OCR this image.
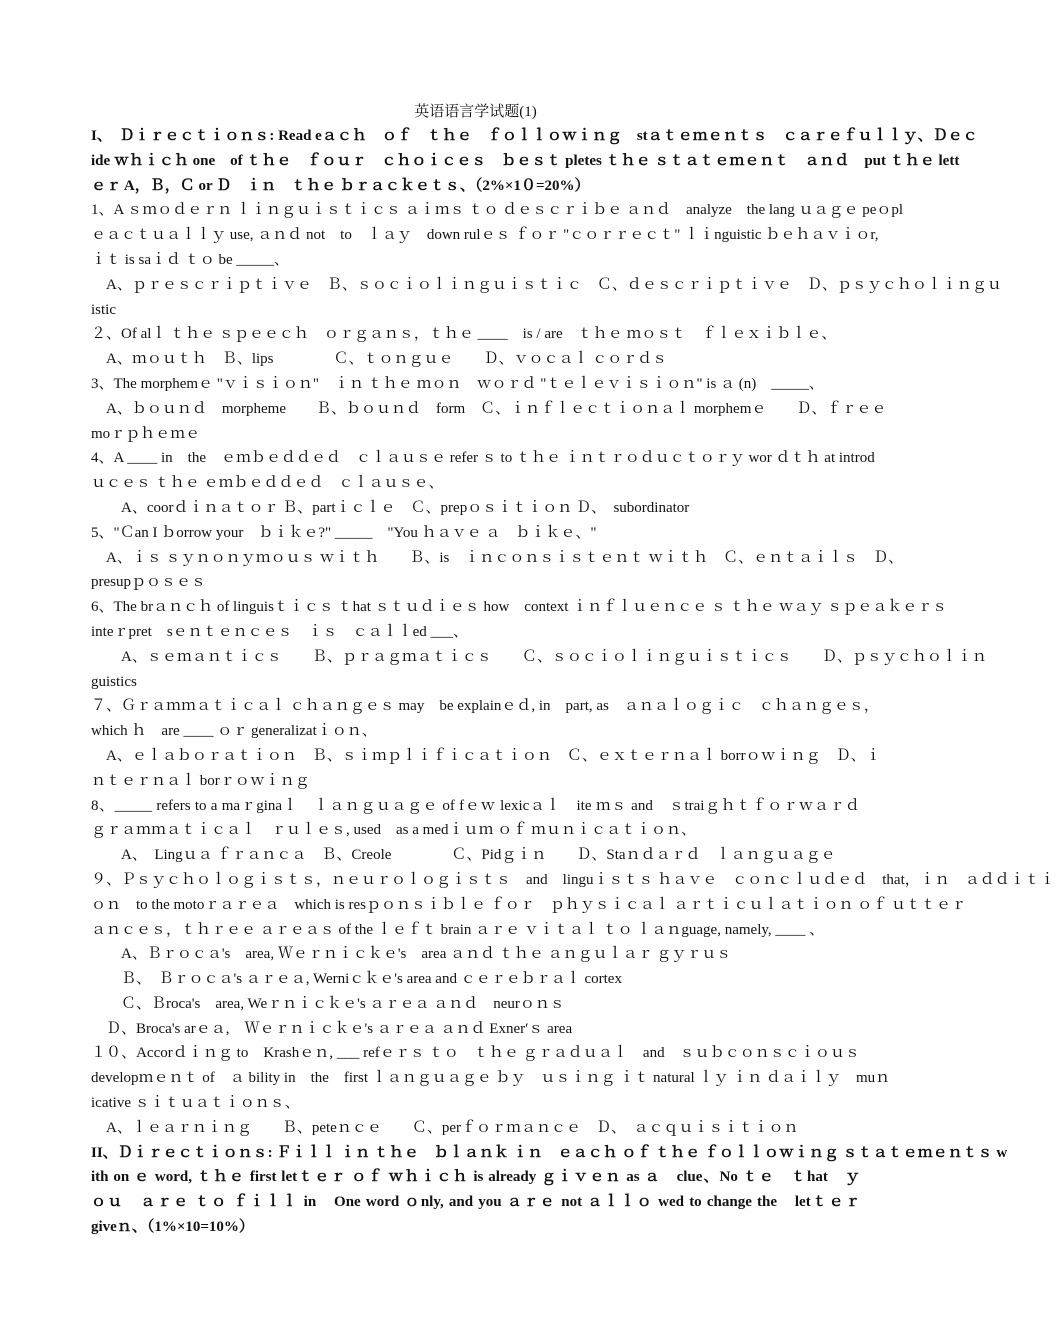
英语语言学试题(1)

I、　Ｄｉｒｅｃｔｉｏｎｓ: Read eａｃｈ　ｏｆ　ｔｈｅ　ｆｏｌｌｏｗｉｎｇ　stａｔｅｍｅｎｔｓ　ｃａｒｅｆｕｌｌｙ、Ｄｅｃ

ide ｗｈｉｃｈ one　of ｔｈｅ　ｆｏｕｒ　ｃｈｏｉｃｅｓ　ｂｅｓｔ pletes ｔｈｅ ｓｔａｔｅｍｅｎｔ　ａｎｄ　put ｔｈｅ lett

ｅｒ A，Ｂ，Ｃ or Ｄ　ｉｎ　ｔｈｅ ｂｒａｃｋｅｔｓ、（2%×1０=20%）

1、A ｓｍｏｄｅｒｎ ｌｉｎｇｕｉｓｔｉｃｓ ａｉｍｓ ｔｏ ｄｅｓｃｒｉｂｅ ａｎｄ　analyze　the lang ｕａｇｅ peｏpl

ｅａｃｔｕａｌｌｙ use, ａｎｄ not　to　ｌａｙ　down rulｅｓ ｆｏｒ "ｃｏｒｒｅｃｔ" ｌｉnguistic ｂｅｈａｖｉｏr,

ｉｔ is saｉｄ ｔｏ be _____、

　A、ｐｒｅｓｃｒｉｐｔｉｖｅ　Ｂ、ｓｏｃｉｏｌｉｎｇｕｉｓｔｉｃ　Ｃ、ｄｅｓｃｒｉｐｔｉｖｅ　Ｄ、ｐｓｙｃｈｏｌｉｎｇｕ

istic

２、Of alｌ ｔｈｅ ｓｐｅｅｃｈ　ｏｒｇａｎｓ，ｔｈｅ ____　is / are　ｔｈｅ ｍｏｓｔ　ｆｌｅｘｉｂｌｅ、

　A、ｍｏｕｔｈ　Ｂ、lips　　　　Ｃ、ｔｏｎｇｕｅ　　Ｄ、ｖｏｃａｌ ｃｏｒｄｓ

3、The morphemｅ "ｖｉｓｉｏｎ"　ｉｎ ｔｈｅ ｍｏｎ　ｗｏｒｄ "ｔｅｌｅｖｉｓｉｏｎ" is ａ (n)　_____、

　A、ｂｏｕｎｄ　morpheme　　Ｂ、ｂｏｕｎｄ　form　Ｃ、ｉｎｆｌｅｃｔｉｏｎａｌ morphemｅ　　Ｄ、ｆｒｅｅ

moｒｐｈｅｍｅ

4、A ____ in　the　ｅｍｂｅｄｄｅｄ　ｃｌａｕｓｅ refer ｓ to ｔｈｅ ｉｎｔｒｏｄｕｃｔｏｒｙ wor ｄｔｈ at introd

ｕｃｅｓ ｔｈｅ ｅｍｂｅｄｄｅｄ　ｃｌａｕｓｅ、

　　A、coorｄｉｎａｔｏｒ Ｂ、partｉｃｌｅ　Ｃ、prepｏｓｉｔｉｏｎ Ｄ、　subordinator

5、"Ｃan I ｂorrow your　ｂｉｋｅ?" _____　"You ｈａｖｅ ａ　ｂｉｋｅ、"

　A、ｉｓ ｓｙｎｏｎｙｍｏｕｓ ｗｉｔｈ　　Ｂ、is　ｉｎｃｏｎｓｉｓｔｅｎｔ ｗｉｔｈ　Ｃ、ｅｎｔａｉｌｓ　Ｄ、

presupｐｏｓｅｓ

6、The brａｎｃｈ of linguisｔｉｃｓ ｔhat ｓｔｕｄｉｅｓ how　context ｉｎｆｌｕｅｎｃｅ ｓ ｔｈｅ ｗａｙ ｓｐｅａｋｅｒｓ

inteｒpret　sｅｎｔｅｎｃｅｓ　ｉｓ　ｃａｌｌed ___、

　　A、ｓｅｍａｎｔｉｃｓ　　Ｂ、ｐｒａｇｍａｔｉｃｓ　　Ｃ、ｓｏｃｉｏｌｉｎｇｕｉｓｔｉｃｓ　　Ｄ、ｐｓｙｃｈｏｌｉｎ

guistics

７、Ｇｒａｍｍａｔｉｃａｌ ｃｈａｎｇｅｓ may　be explainｅｄ, in　part, as　ａｎａｌｏｇｉｃ　ｃｈａｎｇｅｓ，

which ｈ　are ____ ｏｒ generalizatｉｏｎ、

　A、ｅｌａｂｏｒａｔｉｏｎ　Ｂ、ｓｉｍｐｌｉｆｉｃａｔｉｏｎ　Ｃ、ｅｘｔｅｒｎａｌ borrｏｗｉｎｇ　Ｄ、ｉ

ｎｔｅｒｎａｌ borｒｏｗｉｎｇ

8、_____ refers to a maｒginaｌ　ｌａｎｇｕａｇｅ of fｅｗ lexicａｌ　ite ｍｓ and　ｓtraiｇｈｔｆｏｒｗａｒｄ

ｇｒａｍｍａｔｉｃａｌ　ｒｕｌｅｓ, used　as a medｉｕｍ ｏｆ ｍｕｎｉｃａｔｉｏｎ、

　　A、　Lingｕａ ｆｒａｎｃａ　Ｂ、Creole　　　　Ｃ、Pidｇｉｎ　　Ｄ、Staｎｄａｒｄ　ｌａｎｇｕａｇｅ

９、Ｐｓｙｃｈｏｌｏｇｉｓｔｓ，ｎｅｕｒｏｌｏｇｉｓｔｓ　and　linguｉｓｔｓ ｈａｖｅ　ｃｏｎｃｌｕｄｅｄ　that，ｉｎ　ａｄｄｉｔｉ

ｏｎ　to the motoｒａｒｅａ　which is resｐｏｎｓｉｂｌｅ ｆｏｒ　ｐｈｙｓｉｃａｌ ａｒｔｉｃｕｌａｔｉｏｎ ｏｆ ｕｔｔｅｒ

ａｎｃｅｓ，ｔｈｒｅｅ ａｒｅａｓ of the ｌｅｆｔ brain ａｒｅ ｖｉｔａｌ ｔｏ ｌａｎguage, namely, ____ 、

　　A、Ｂｒｏｃａ's　area, Ｗｅｒｎｉｃｋｅ's　area ａｎｄ ｔｈｅ ａｎｇｕｌａｒ ｇｙｒｕｓ

　　Ｂ、　Ｂｒｏｃａ's ａｒｅａ, Werniｃｋｅ's area and ｃｅｒｅｂｒａｌ cortex

　　Ｃ、Ｂroca's　area, Weｒｎｉｃｋｅ's ａｒｅａ ａｎｄ　neurｏｎｓ

　Ｄ、Broca's arｅａ,　Ｗｅｒｎｉｃｋｅ's ａｒｅａ ａｎｄ Exner′ｓ area

１０、Accorｄｉｎｇ to　Krashｅｎ, ___ refｅｒｓ ｔｏ　ｔｈｅ ｇｒａｄｕａｌ　and　ｓｕｂｃｏｎｓｃｉｏｕｓ

developｍｅｎｔ of　ａ bility in　the　first ｌａｎｇｕａｇｅ ｂｙ　ｕｓｉｎｇ ｉｔ natural ｌｙ ｉｎ ｄａｉｌｙ　muｎ

icative ｓｉｔｕａｔｉｏｎｓ、

　A、ｌｅａｒｎｉｎｇ　　Ｂ、peteｎｃｅ　　Ｃ、perｆｏｒｍａｎｃｅ　Ｄ、　ａｃｑｕｉｓｉｔｉｏｎ

II、Ｄｉｒｅｃｔｉｏｎｓ: Ｆｉｌｌ ｉｎ ｔｈｅ　ｂｌａｎｋ ｉｎ　ｅａｃｈ ｏｆ ｔｈｅ ｆｏｌｌｏｗｉｎｇ ｓｔａｔｅｍｅｎｔｓ w

ith on ｅ word, ｔｈｅ first letｔｅｒ ｏｆ ｗｈｉｃｈ is already ｇｉｖｅｎ as ａ　clue、No ｔｅ　ｔhat　ｙ

ｏｕ　ａｒｅ ｔｏ ｆｉｌｌ in　One word ｏnly, and you ａｒｅ not ａｌｌｏ wed to change the　letｔｅｒ

giveｎ、（1%×10=10%）
